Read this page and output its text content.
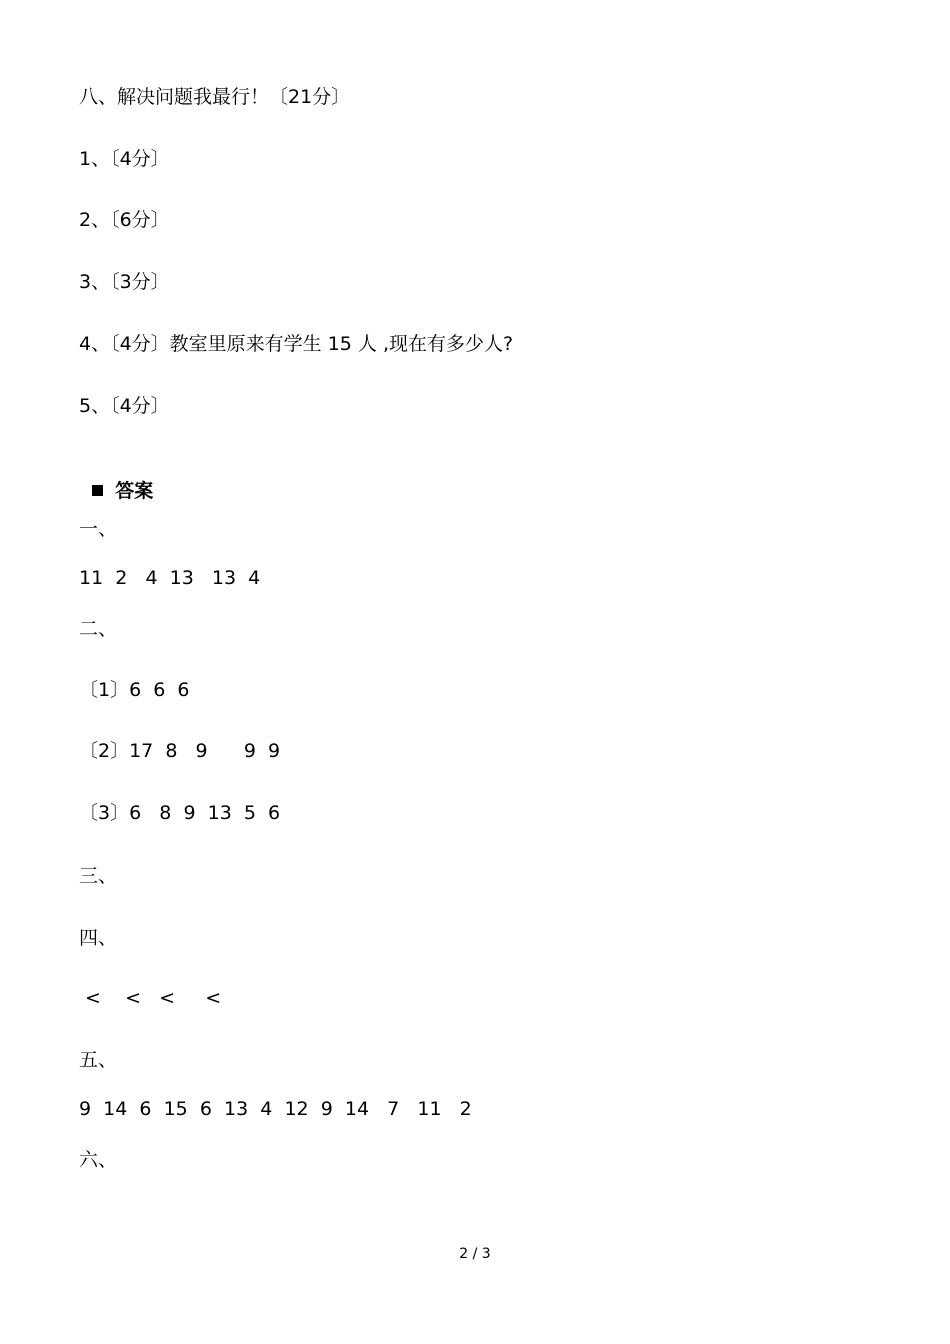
八、解决问题我最行！〔21分〕
1、〔4分〕
2、〔6分〕
3、〔3分〕
4、〔4分〕教室里原来有学生 15 人 ,现在有多少人?
5、〔4分〕

答案

一、
11  2   4  13   13  4
二、
〔1〕6  6  6
〔2〕17  8   9      9  9
〔3〕6   8  9  13  5  6
三、
四、
<    <   <     <
五、
9  14  6  15  6  13  4  12  9  14   7   11   2
六、
2 / 3
